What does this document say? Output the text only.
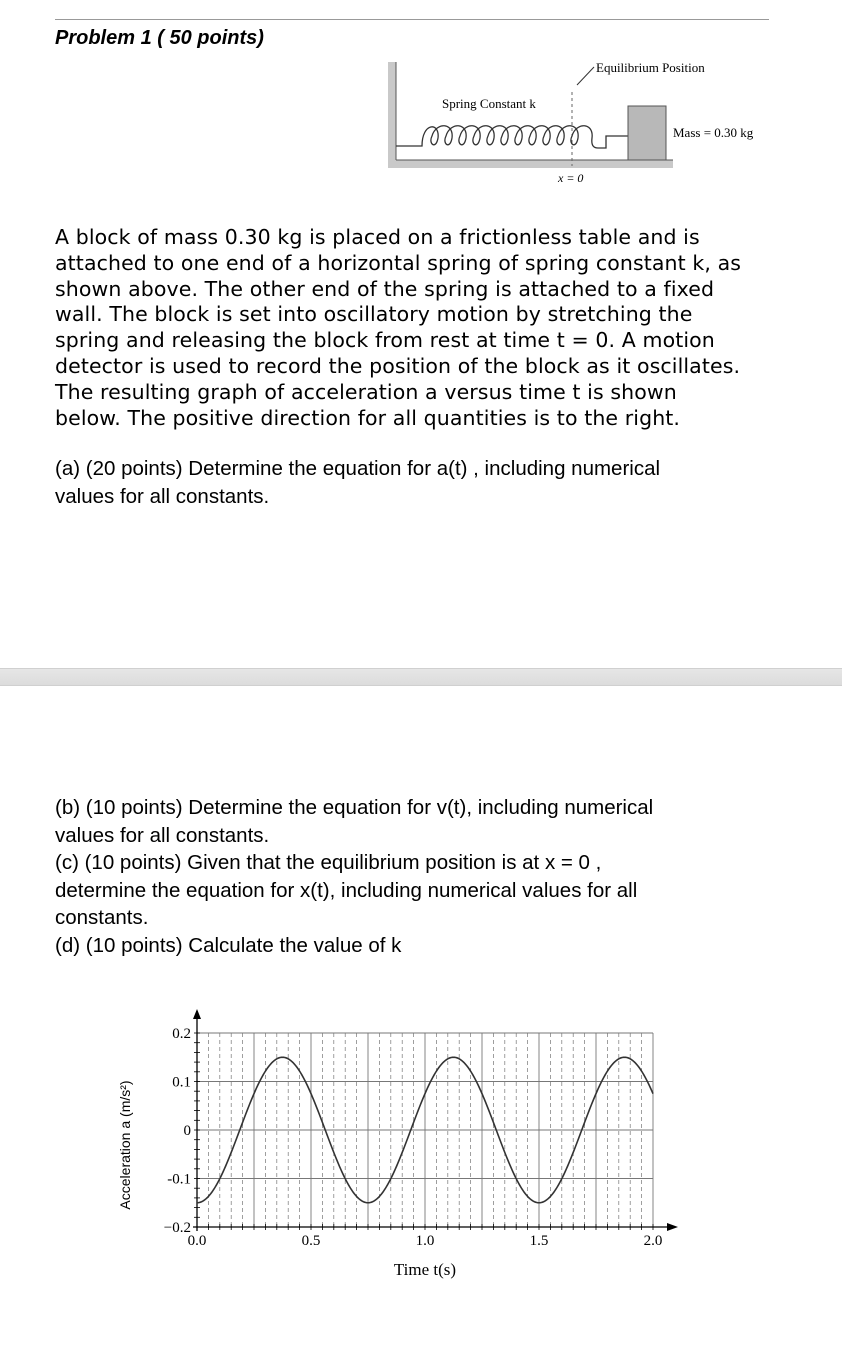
Problem 1 ( 50 points)
Equilibrium Position
Spring Constant k
Mass = 0.30 kg
x = 0
A block of mass 0.30 kg is placed on a frictionless table and is
attached to one end of a horizontal spring of spring constant k, as
shown above. The other end of the spring is attached to a fixed
wall. The block is set into oscillatory motion by stretching the
spring and releasing the block from rest at time t = 0. A motion
detector is used to record the position of the block as it oscillates.
The resulting graph of acceleration a versus time t is shown
below. The positive direction for all quantities is to the right.
(a) (20 points) Determine the equation for a(t) , including numerical
values for all constants.
(b) (10 points) Determine the equation for v(t), including numerical
values for all constants.
(c) (10 points) Given that the equilibrium position is at x = 0 ,
determine the equation for x(t), including numerical values for all
constants.
(d) (10 points) Calculate the value of k
0.2
0.1
0
-0.1
−0.2
0.0	0.5	1.0	1.5	2.0
Acceleration a (m/s²)
Time t(s)
